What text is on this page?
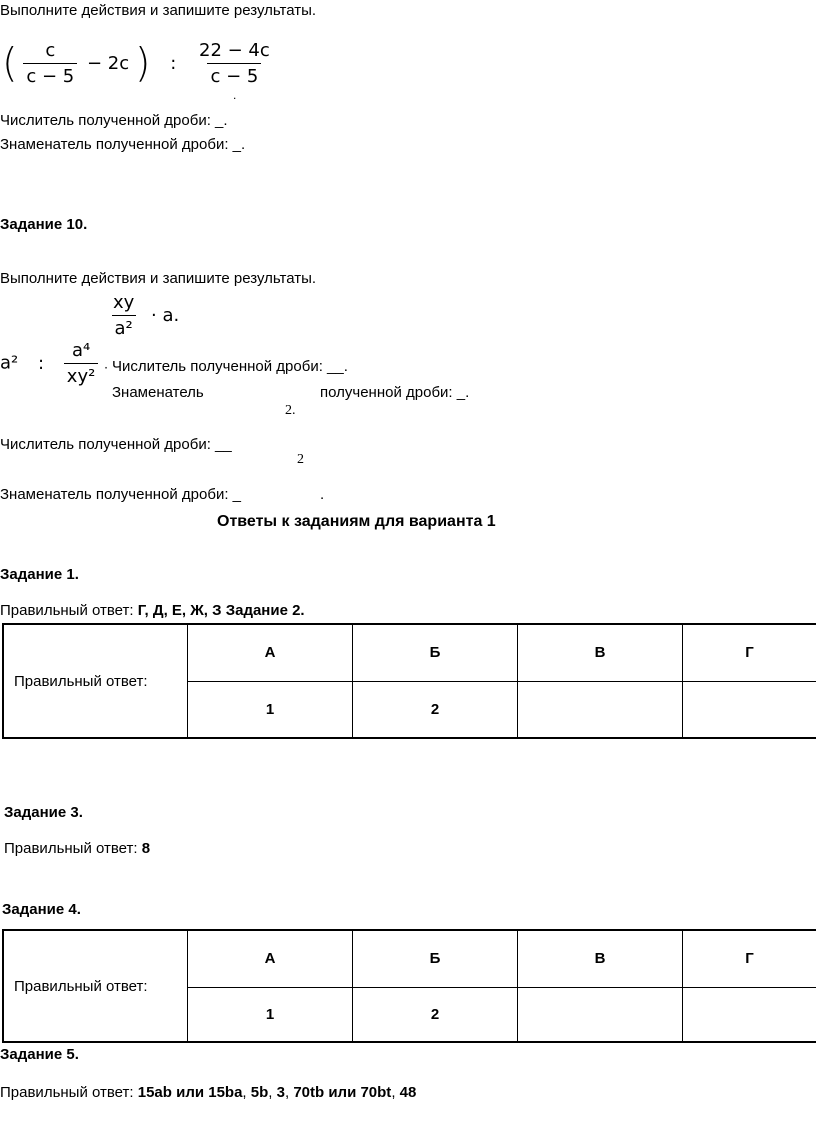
Выполните действия и запишите результаты.
( $\frac{c}{c - 5} - 2c$ ) : $\frac{22 - 4c}{c - 5}$
.
Числитель полученной дроби: _.
Знаменатель полученной дроби: _.
Задание 10.
Выполните действия и запишите результаты.
$\frac{xy}{\text{a²}} \cdot a$.
a² : $\frac{\text{a⁴}}{\text{xy²}}$ . Числитель полученной дроби: __.
Знаменатель	полученной дроби: _.
2.
Числитель полученной дроби: __
2
Знаменатель полученной дроби: _	.
Ответы к заданиям для варианта 1
Задание 1.
Правильный ответ: Г, Д, Е, Ж, З Задание 2.
Правильный ответ:	А	Б	В	Г
	1	2		
Задание 3.
Правильный ответ: 8
Задание 4.
Правильный ответ:	А	Б	В	Г
	1	2		
Задание 5.
Правильный ответ: 15ab или 15ba, 5b, 3, 70tb или 70bt, 48
